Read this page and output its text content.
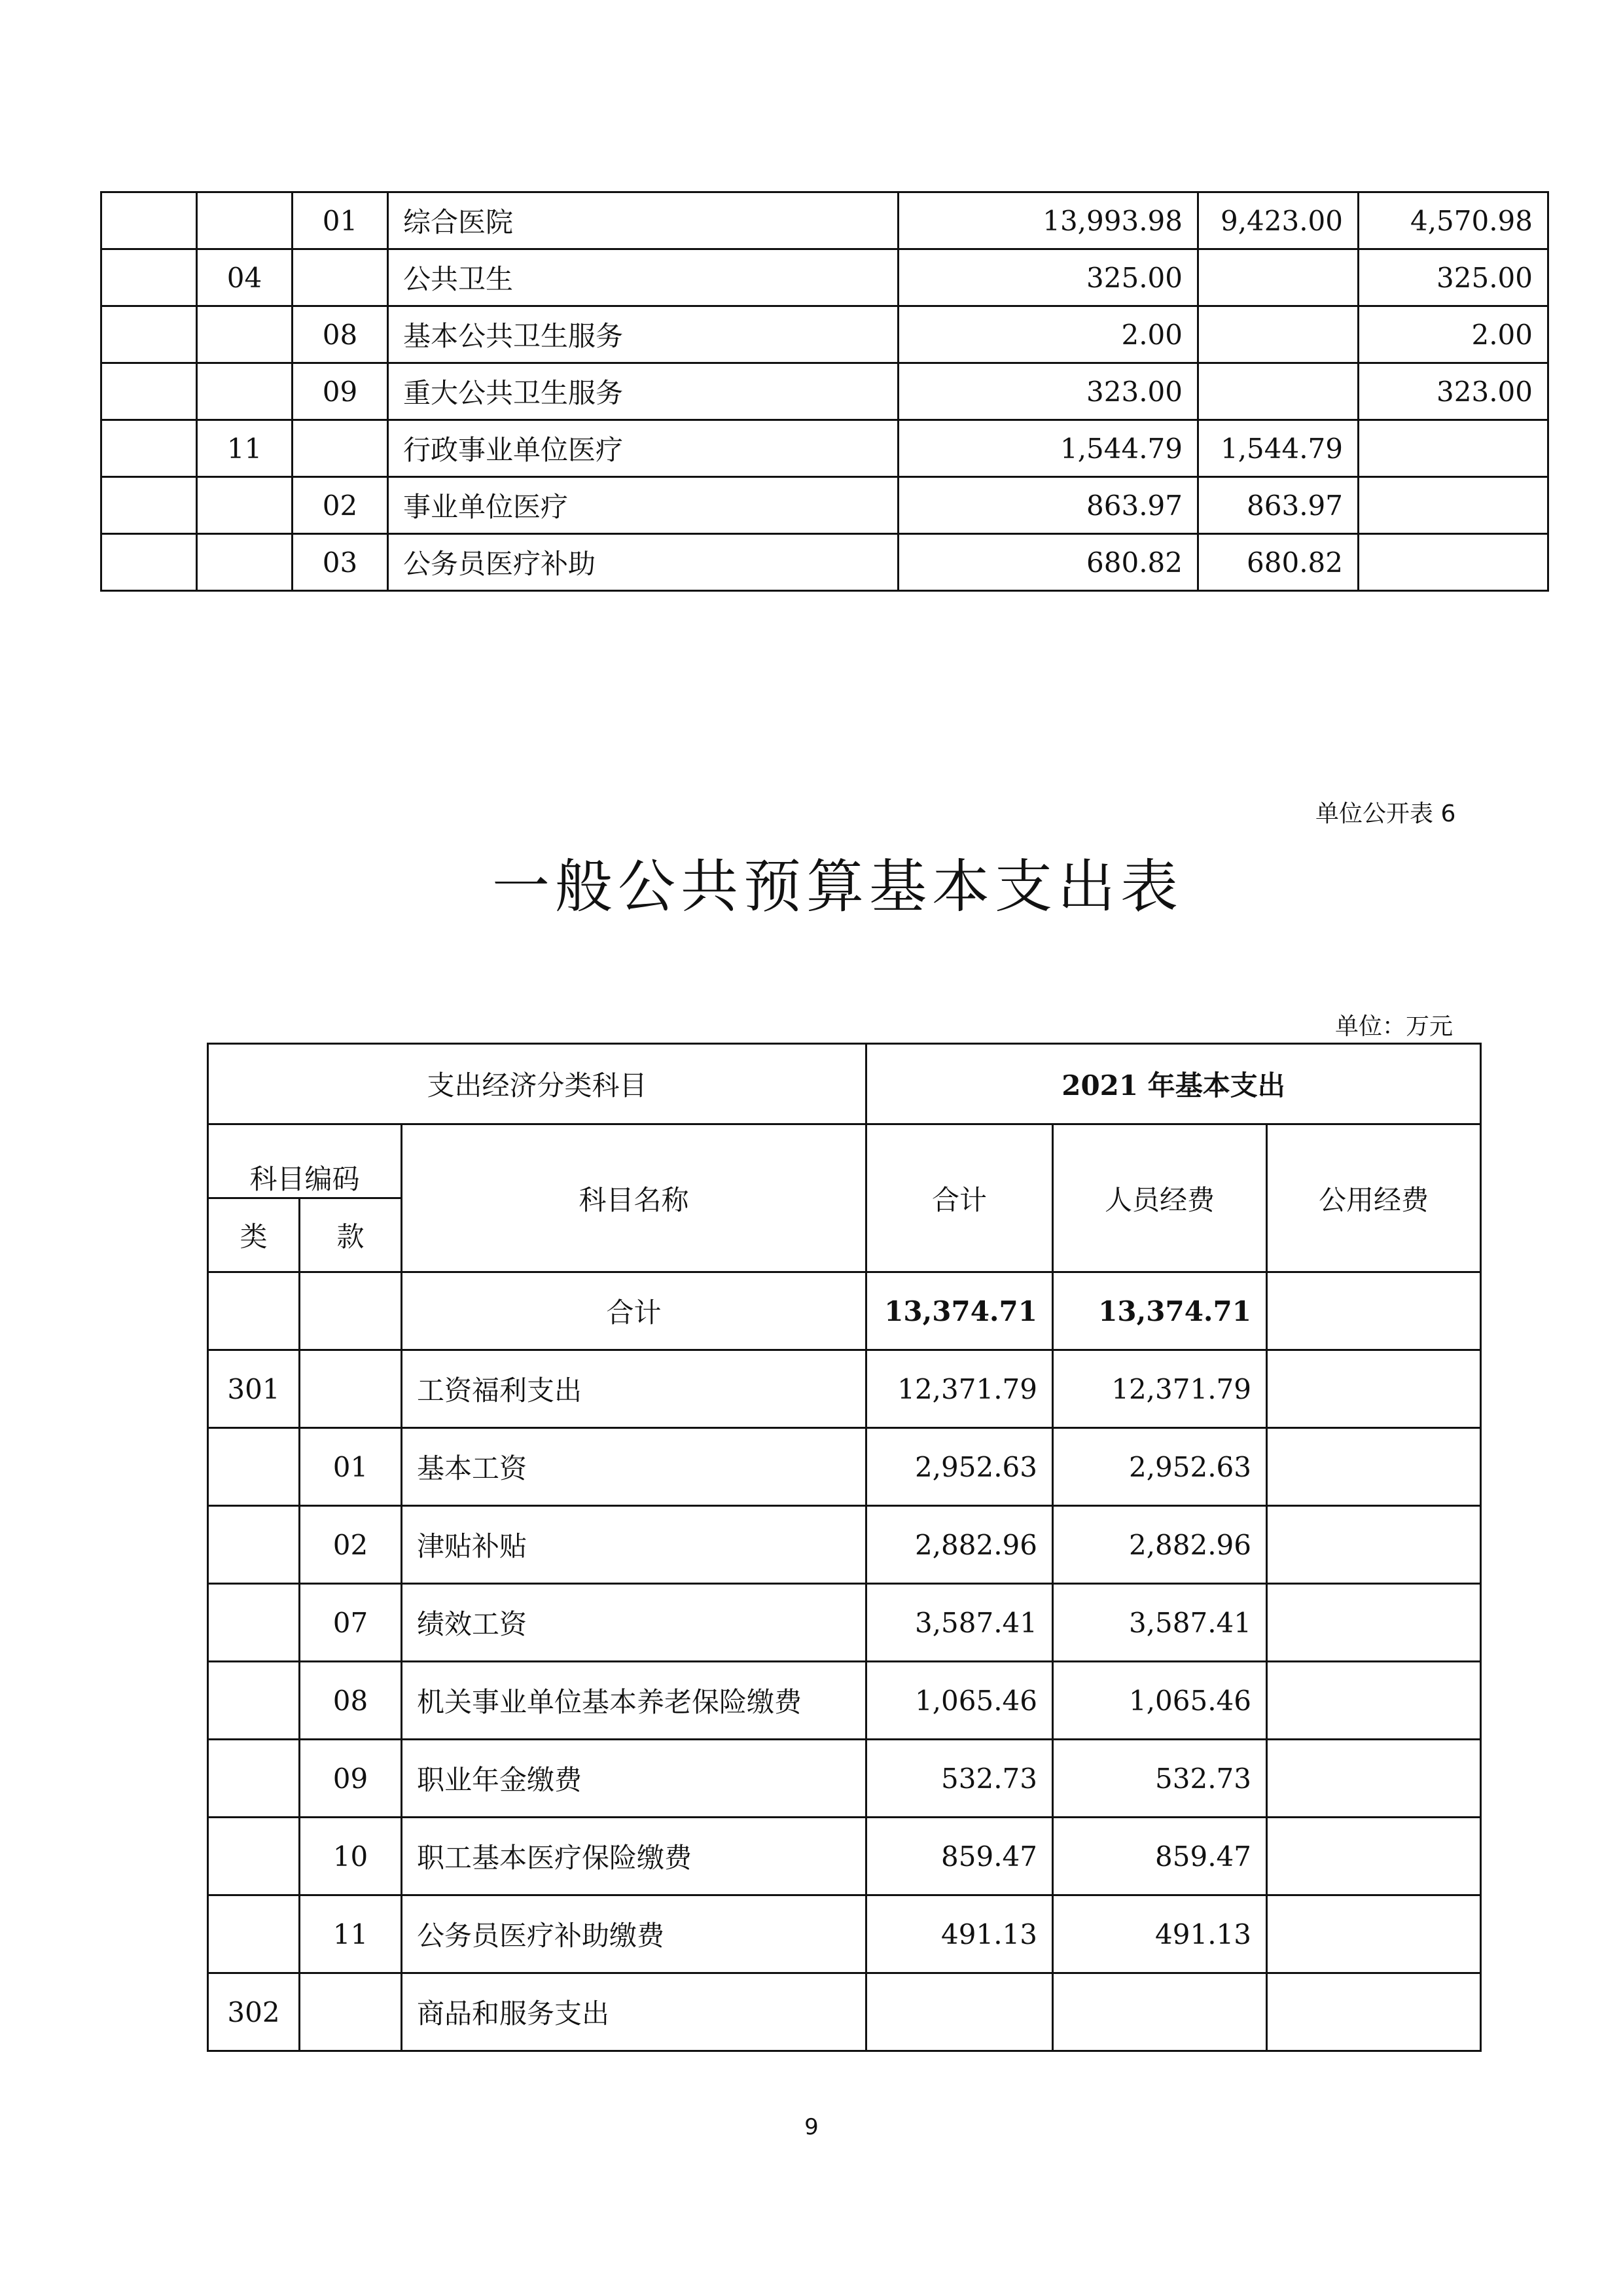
		01	综合医院	13,993.98	9,423.00	4,570.98
	04		公共卫生	325.00		325.00
		08	基本公共卫生服务	2.00		2.00
		09	重大公共卫生服务	323.00		323.00
	11		行政事业单位医疗	1,544.79	1,544.79	
		02	事业单位医疗	863.97	863.97	
		03	公务员医疗补助	680.82	680.82	
单位公开表 6
一般公共预算基本支出表
单位：万元
支出经济分类科目			2021 年基本支出		
科目编码		科目名称	合计	人员经费	公用经费
类	款				
		合计	13,374.71	13,374.71	
301		工资福利支出	12,371.79	12,371.79	
	01	基本工资	2,952.63	2,952.63	
	02	津贴补贴	2,882.96	2,882.96	
	07	绩效工资	3,587.41	3,587.41	
	08	机关事业单位基本养老保险缴费	1,065.46	1,065.46	
	09	职业年金缴费	532.73	532.73	
	10	职工基本医疗保险缴费	859.47	859.47	
	11	公务员医疗补助缴费	491.13	491.13	
302		商品和服务支出			
9
